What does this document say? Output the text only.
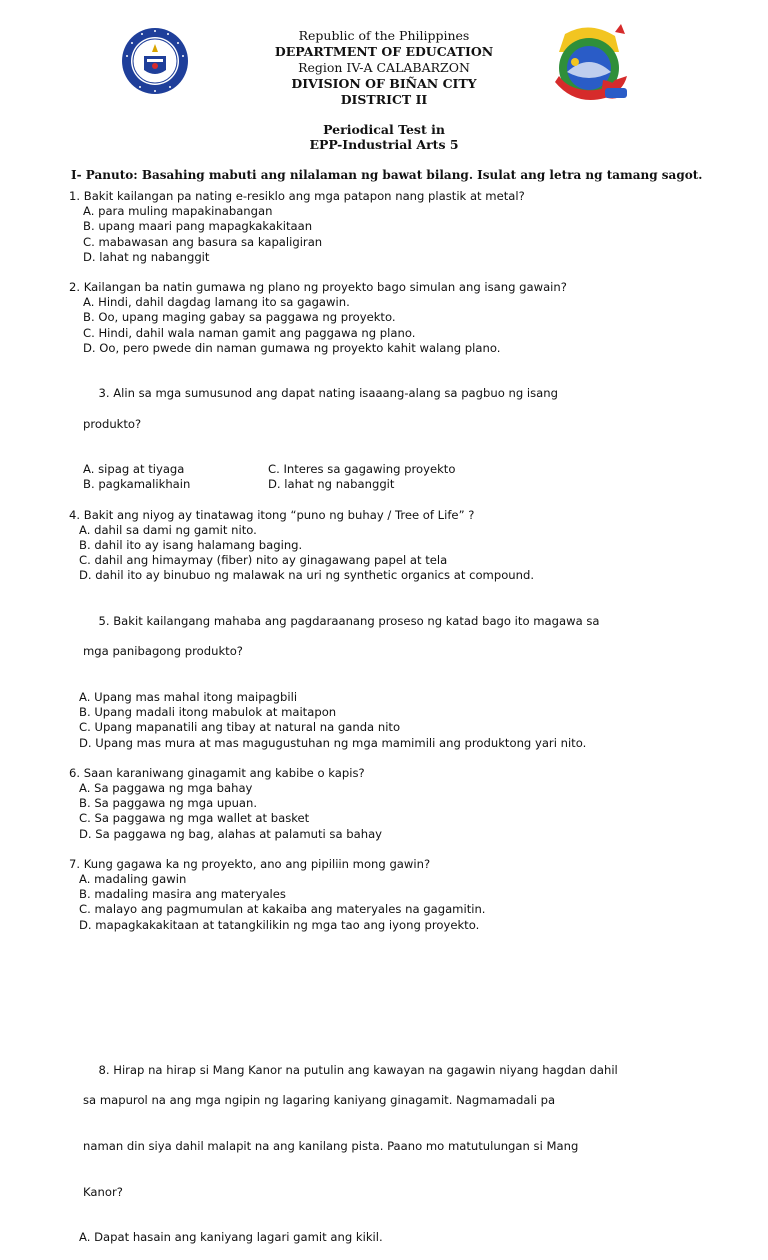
Republic of the Philippines
DEPARTMENT OF EDUCATION
Region IV-A CALABARZON
DIVISION OF BIÑAN CITY
DISTRICT II
Periodical Test in
EPP-Industrial Arts 5
I- Panuto: Basahing mabuti ang nilalaman ng bawat bilang. Isulat ang letra ng tamang sagot.
1. Bakit kailangan pa nating e-resiklo ang mga patapon nang plastik at metal?
A. para muling mapakinabangan
B. upang maari pang mapagkakakitaan
C. mabawasan ang basura sa kapaligiran
D. lahat ng nabanggit
2. Kailangan ba natin gumawa ng plano ng proyekto bago simulan ang isang gawain?
A. Hindi, dahil dagdag lamang ito sa gagawin.
B. Oo, upang maging gabay sa paggawa ng proyekto.
C. Hindi, dahil wala naman gamit ang paggawa ng plano.
D. Oo, pero pwede din naman gumawa ng proyekto kahit walang plano.

3. Alin sa mga sumusunod ang dapat nating isaaang-alang sa pagbuo ng isang

produkto?

A. sipag at tiyaga	C. Interes sa gagawing proyekto
B. pagkamalikhain	D. lahat ng nabanggit
4. Bakit ang niyog ay tinatawag itong “puno ng buhay / Tree of Life” ?
A. dahil sa dami ng gamit nito.
B. dahil ito ay isang halamang baging.
C. dahil ang himaymay (fiber) nito ay ginagawang papel at tela
D. dahil ito ay binubuo ng malawak na uri ng synthetic organics at compound.

5. Bakit kailangang mahaba ang pagdaraanang proseso ng katad bago ito magawa sa

mga panibagong produkto?

A. Upang mas mahal itong maipagbili
B. Upang madali itong mabulok at maitapon
C. Upang mapanatili ang tibay at natural na ganda nito
D. Upang mas mura at mas magugustuhan ng mga mamimili ang produktong yari nito.
6. Saan karaniwang ginagamit ang kabibe o kapis?
A. Sa paggawa ng mga bahay
B. Sa paggawa ng mga upuan.
C. Sa paggawa ng mga wallet at basket
D. Sa paggawa ng bag, alahas at palamuti sa bahay
7. Kung gagawa ka ng proyekto, ano ang pipiliin mong gawin?
A. madaling gawin
B. madaling masira ang materyales
C. malayo ang pagmumulan at kakaiba ang materyales na gagamitin.
D. mapagkakakitaan at tatangkilikin ng mga tao ang iyong proyekto.

8. Hirap na hirap si Mang Kanor na putulin ang kawayan na gagawin niyang hagdan dahil

sa mapurol na ang mga ngipin ng lagaring kaniyang ginagamit. Nagmamadali pa

naman din siya dahil malapit na ang kanilang pista. Paano mo matutulungan si Mang

Kanor?

A. Dapat hasain ang kaniyang lagari gamit ang kikil.
